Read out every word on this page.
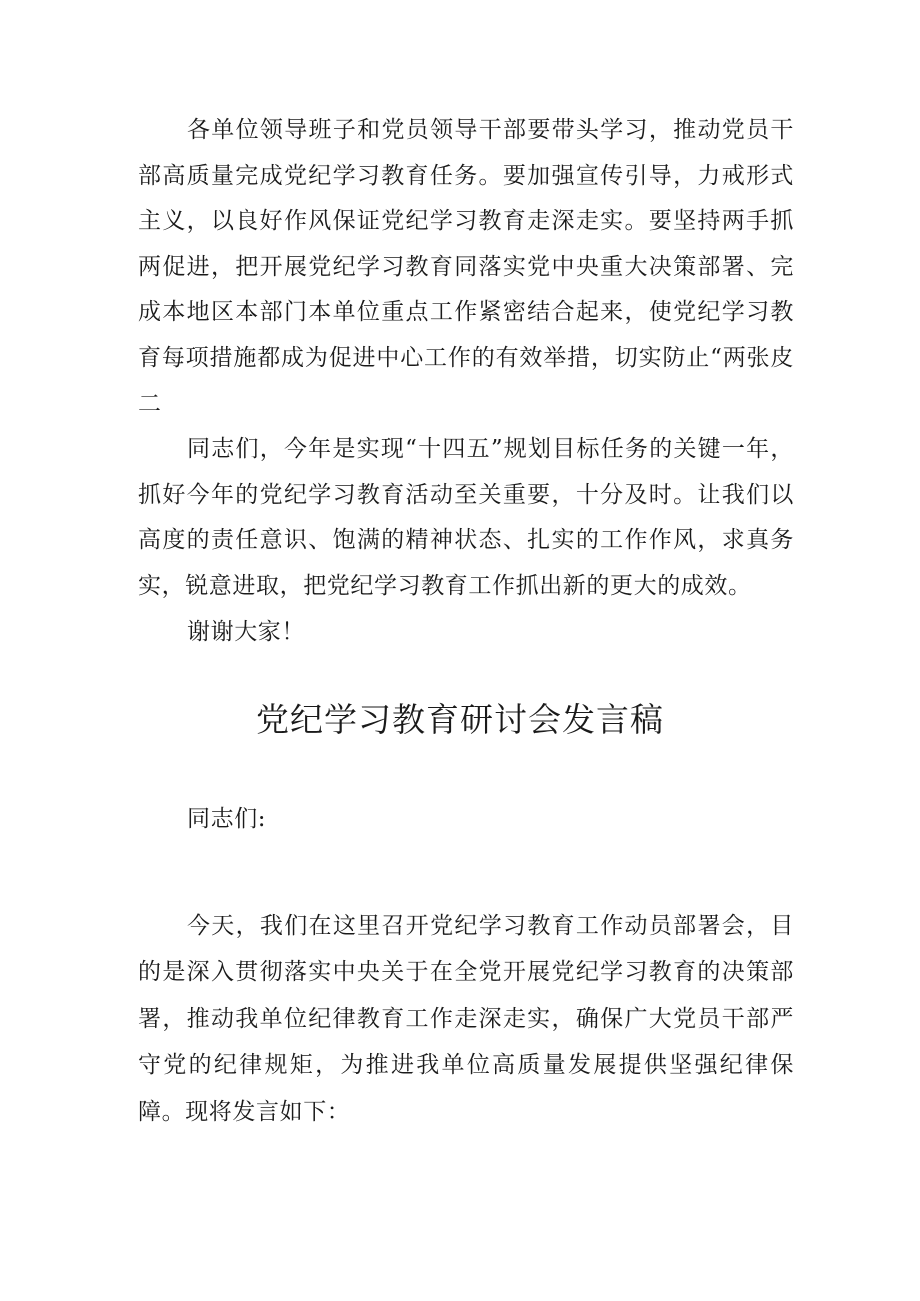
各单位领导班子和党员领导干部要带头学习，推动党员干部高质量完成党纪学习教育任务。要加强宣传引导，力戒形式主义，以良好作风保证党纪学习教育走深走实。要坚持两手抓两促进，把开展党纪学习教育同落实党中央重大决策部署、完成本地区本部门本单位重点工作紧密结合起来，使党纪学习教育每项措施都成为促进中心工作的有效举措，切实防止“两张皮二

同志们，今年是实现“十四五”规划目标任务的关键一年，抓好今年的党纪学习教育活动至关重要，十分及时。让我们以高度的责任意识、饱满的精神状态、扎实的工作作风，求真务实，锐意进取，把党纪学习教育工作抓出新的更大的成效。

谢谢大家！

党纪学习教育研讨会发言稿

同志们:

今天，我们在这里召开党纪学习教育工作动员部署会，目的是深入贯彻落实中央关于在全党开展党纪学习教育的决策部署，推动我单位纪律教育工作走深走实，确保广大党员干部严守党的纪律规矩，为推进我单位高质量发展提供坚强纪律保障。现将发言如下：
